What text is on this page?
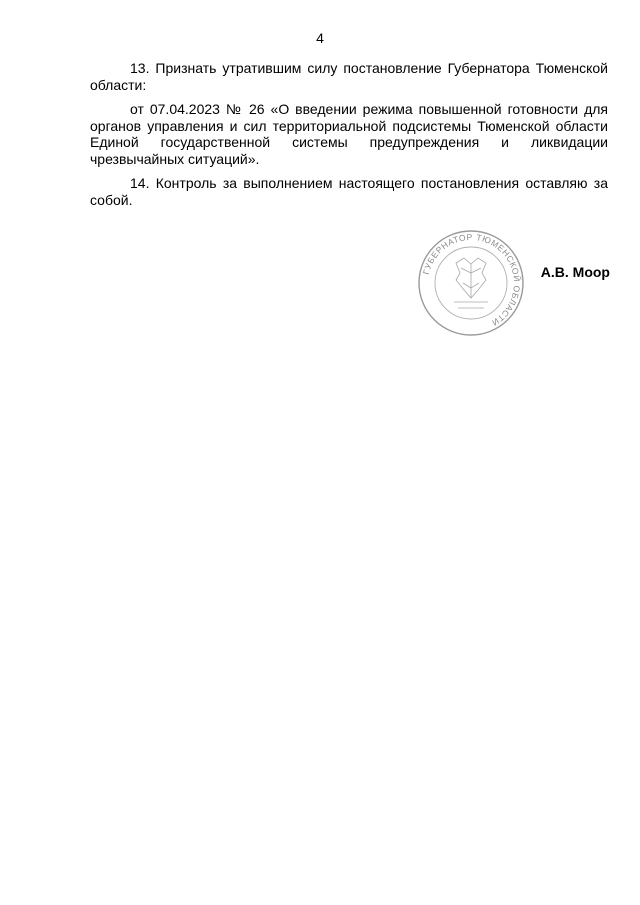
4

13. Признать утратившим силу постановление Губернатора Тюменской области:

от 07.04.2023 № 26 «О введении режима повышенной готовности для органов управления и сил территориальной подсистемы Тюменской области Единой государственной системы предупреждения и ликвидации чрезвычайных ситуаций».

14. Контроль за выполнением настоящего постановления оставляю за собой.

ГУБЕРНАТОР ТЮМЕНСКОЙ ОБЛАСТИ
А.В. Моор
